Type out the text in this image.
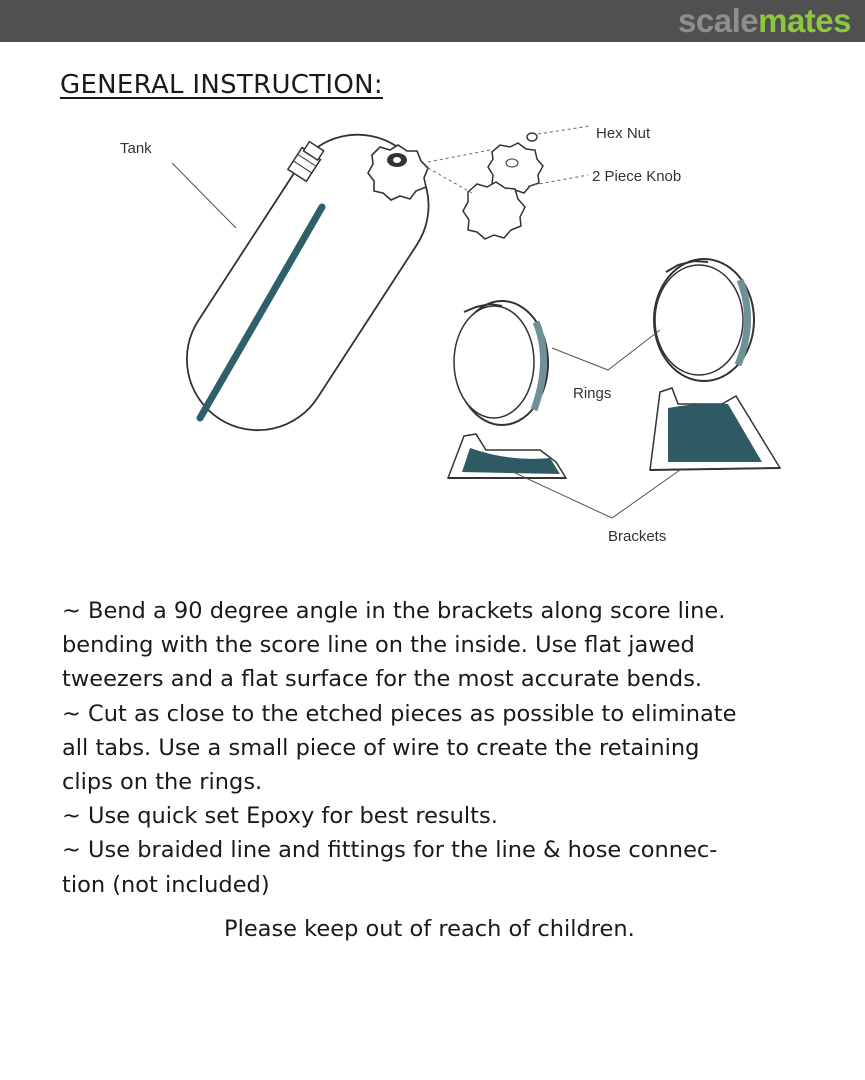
scalemates
GENERAL INSTRUCTION:
Tank
Hex Nut
2 Piece Knob
Rings
Brackets
~ Bend a 90 degree angle in the brackets along score line.
bending with the score line on the inside. Use flat jawed
tweezers and a flat surface for the most accurate bends.
~ Cut as close to the etched pieces as possible to eliminate
all tabs. Use a small piece of wire to create the retaining
clips on the rings.
~ Use quick set Epoxy for best results.
~ Use braided line and fittings for the line & hose connec-
tion (not included)
Please keep out of reach of children.
